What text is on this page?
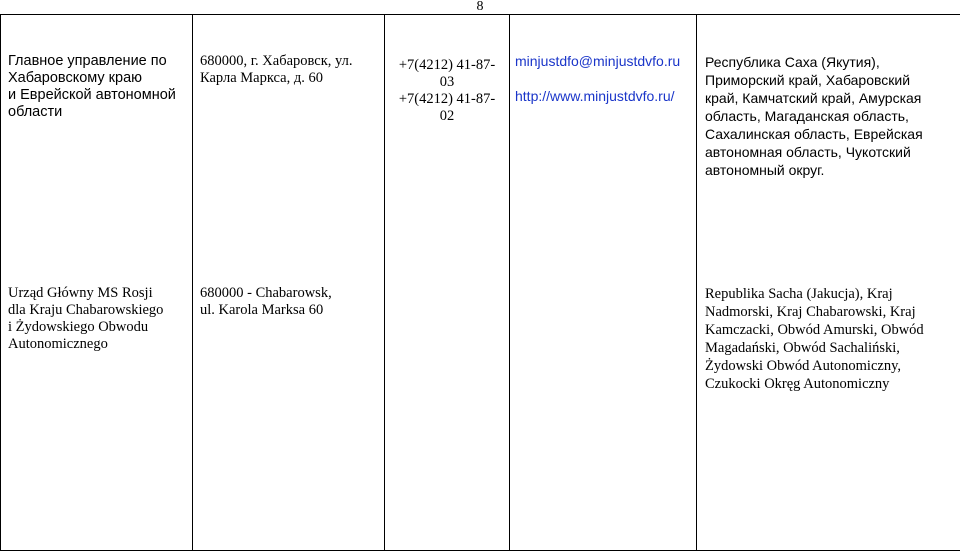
8
Главное управление по
Хабаровскому краю
и Еврейской автономной
области
680000, г. Хабаровск, ул.
Карла Маркса, д. 60
+7(4212) 41-87-
03
+7(4212) 41-87-
02
minjustdfo@minjustdvfo.ru
http://www.minjustdvfo.ru/
Республика Саха (Якутия),
Приморский край, Хабаровский
край, Камчатский край, Амурская
область, Магаданская область,
Сахалинская область, Еврейская
автономная область, Чукотский
автономный округ.
Urząd Główny MS Rosji
dla Kraju Chabarowskiego
i Żydowskiego Obwodu
Autonomicznego
680000 - Chabarowsk,
ul. Karola Marksa 60
Republika Sacha (Jakucja), Kraj
Nadmorski, Kraj Chabarowski, Kraj
Kamczacki, Obwód Amurski, Obwód
Magadański, Obwód Sachaliński,
Żydowski Obwód Autonomiczny,
Czukocki Okręg Autonomiczny
